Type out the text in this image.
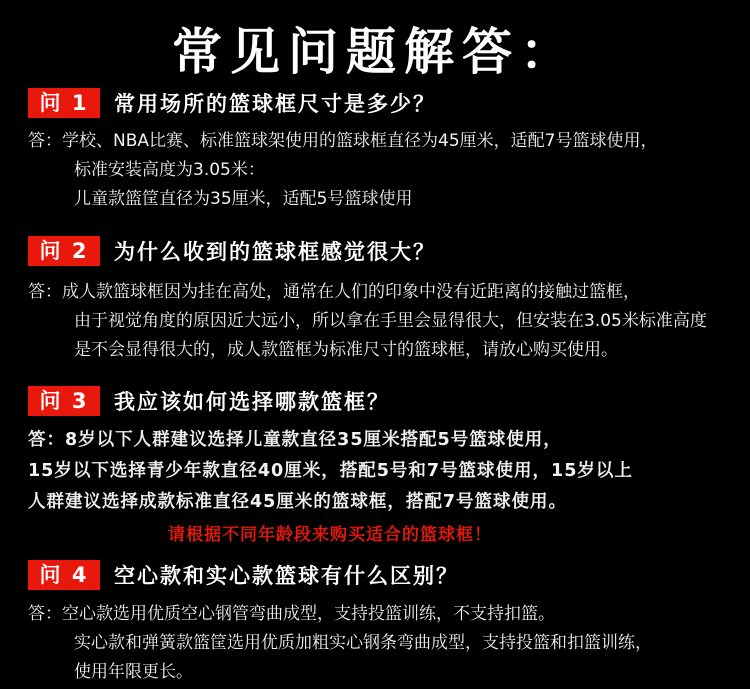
常见问题解答：
问 1	常用场所的篮球框尺寸是多少？
答：学校、NBA比赛、标准篮球架使用的篮球框直径为45厘米，适配7号篮球使用，
标准安装高度为3.05米：
儿童款篮筐直径为35厘米，适配5号篮球使用
问 2	为什么收到的篮球框感觉很大？
答：成人款篮球框因为挂在高处，通常在人们的印象中没有近距离的接触过篮框，
由于视觉角度的原因近大远小，所以拿在手里会显得很大，但安装在3.05米标准高度
是不会显得很大的，成人款篮框为标准尺寸的篮球框，请放心购买使用。
问 3	我应该如何选择哪款篮框？
答：8岁以下人群建议选择儿童款直径35厘米搭配5号篮球使用，
15岁以下选择青少年款直径40厘米，搭配5号和7号篮球使用，15岁以上
人群建议选择成款标准直径45厘米的篮球框，搭配7号篮球使用。
请根据不同年龄段来购买适合的篮球框！
问 4	空心款和实心款篮球有什么区别？
答：空心款选用优质空心钢管弯曲成型，支持投篮训练，不支持扣篮。
实心款和弹簧款篮筐选用优质加粗实心钢条弯曲成型，支持投篮和扣篮训练，
使用年限更长。
